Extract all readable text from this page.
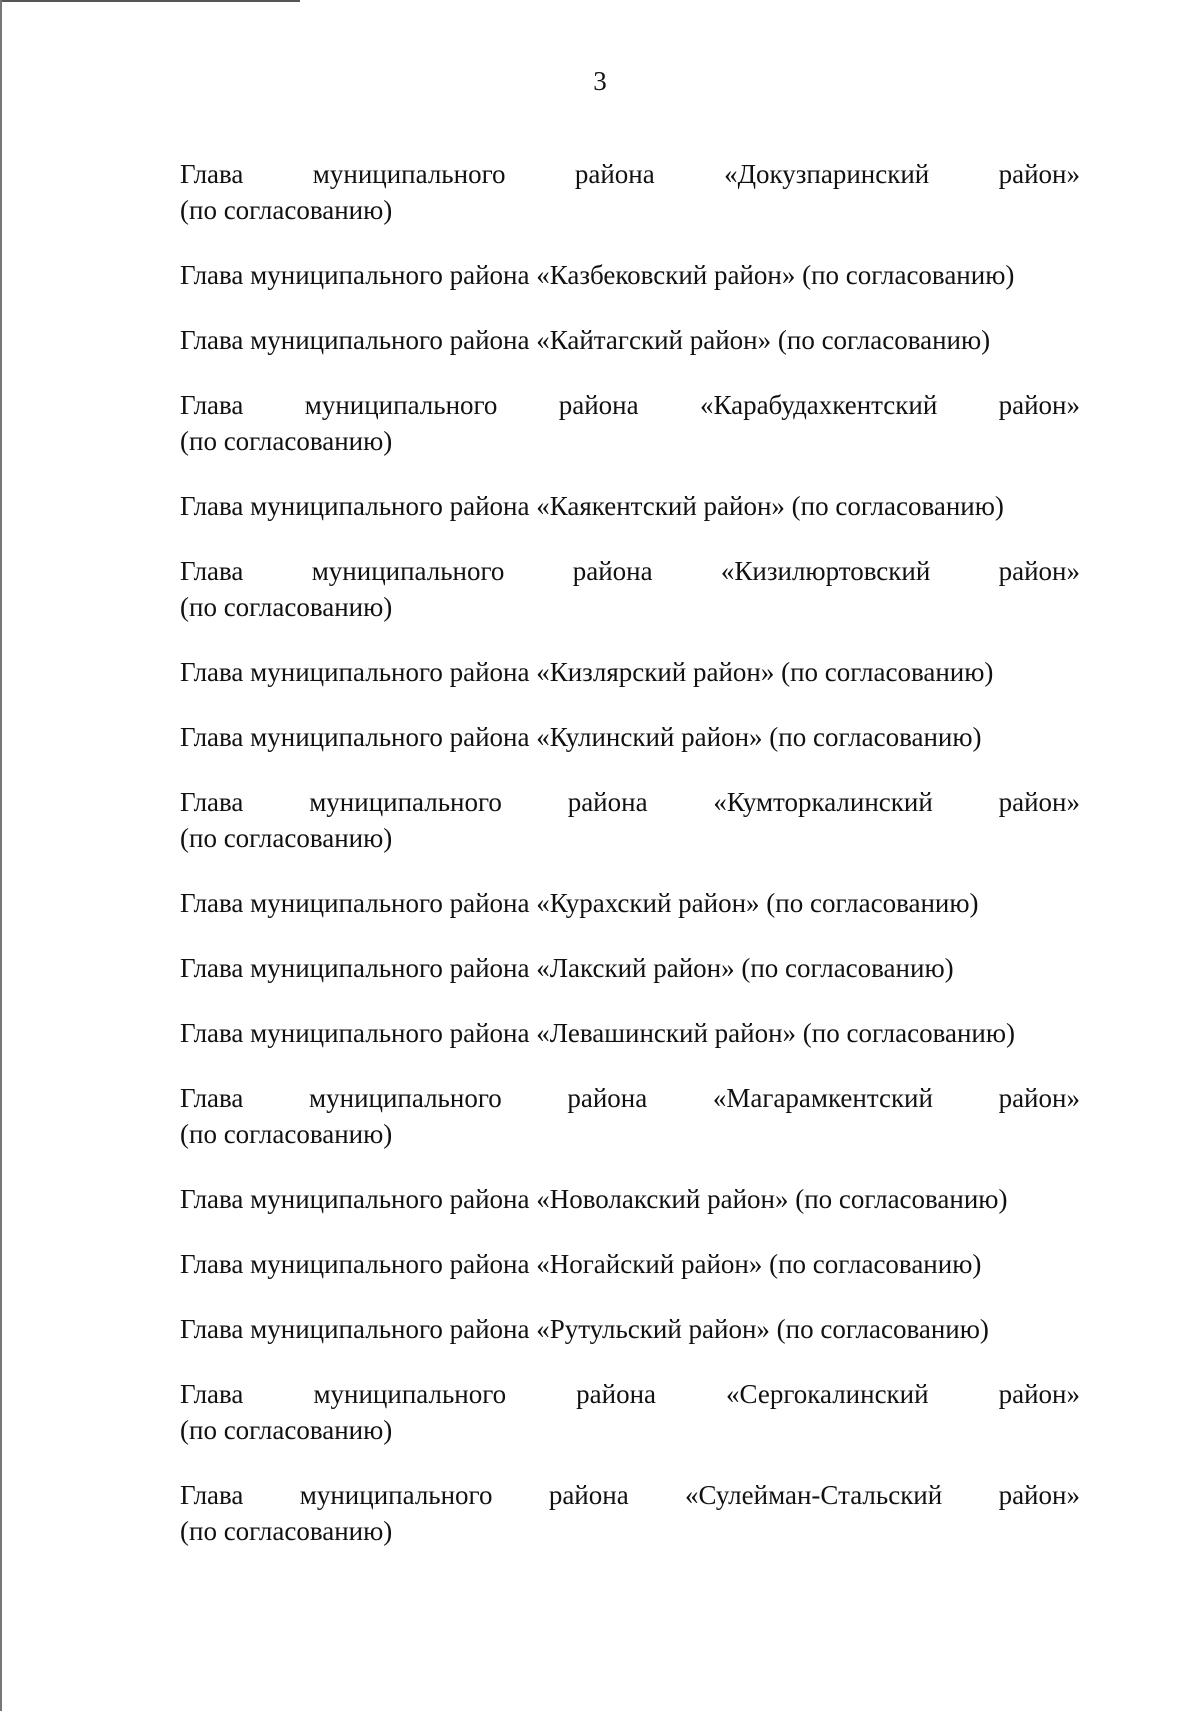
3
Глава	муниципального	района	«Докузпаринский	район»
(по согласованию)
Глава муниципального района «Казбековский район» (по согласованию)
Глава муниципального района «Кайтагский район» (по согласованию)
Глава муниципального района «Карабудахкентский район»
(по согласованию)
Глава муниципального района «Каякентский район» (по согласованию)
Глава	муниципального	района	«Кизилюртовский	район»
(по согласованию)
Глава муниципального района «Кизлярский район» (по согласованию)
Глава муниципального района «Кулинский район» (по согласованию)
Глава муниципального района «Кумторкалинский район»
(по согласованию)
Глава муниципального района «Курахский район» (по согласованию)
Глава муниципального района «Лакский район» (по согласованию)
Глава муниципального района «Левашинский район» (по согласованию)
Глава муниципального района «Магарамкентский район»
(по согласованию)
Глава муниципального района «Новолакский район» (по согласованию)
Глава муниципального района «Ногайский район» (по согласованию)
Глава муниципального района «Рутульский район» (по согласованию)
Глава	муниципального	района	«Сергокалинский	район»
(по согласованию)
Глава муниципального района «Сулейман-Стальский район»
(по согласованию)
